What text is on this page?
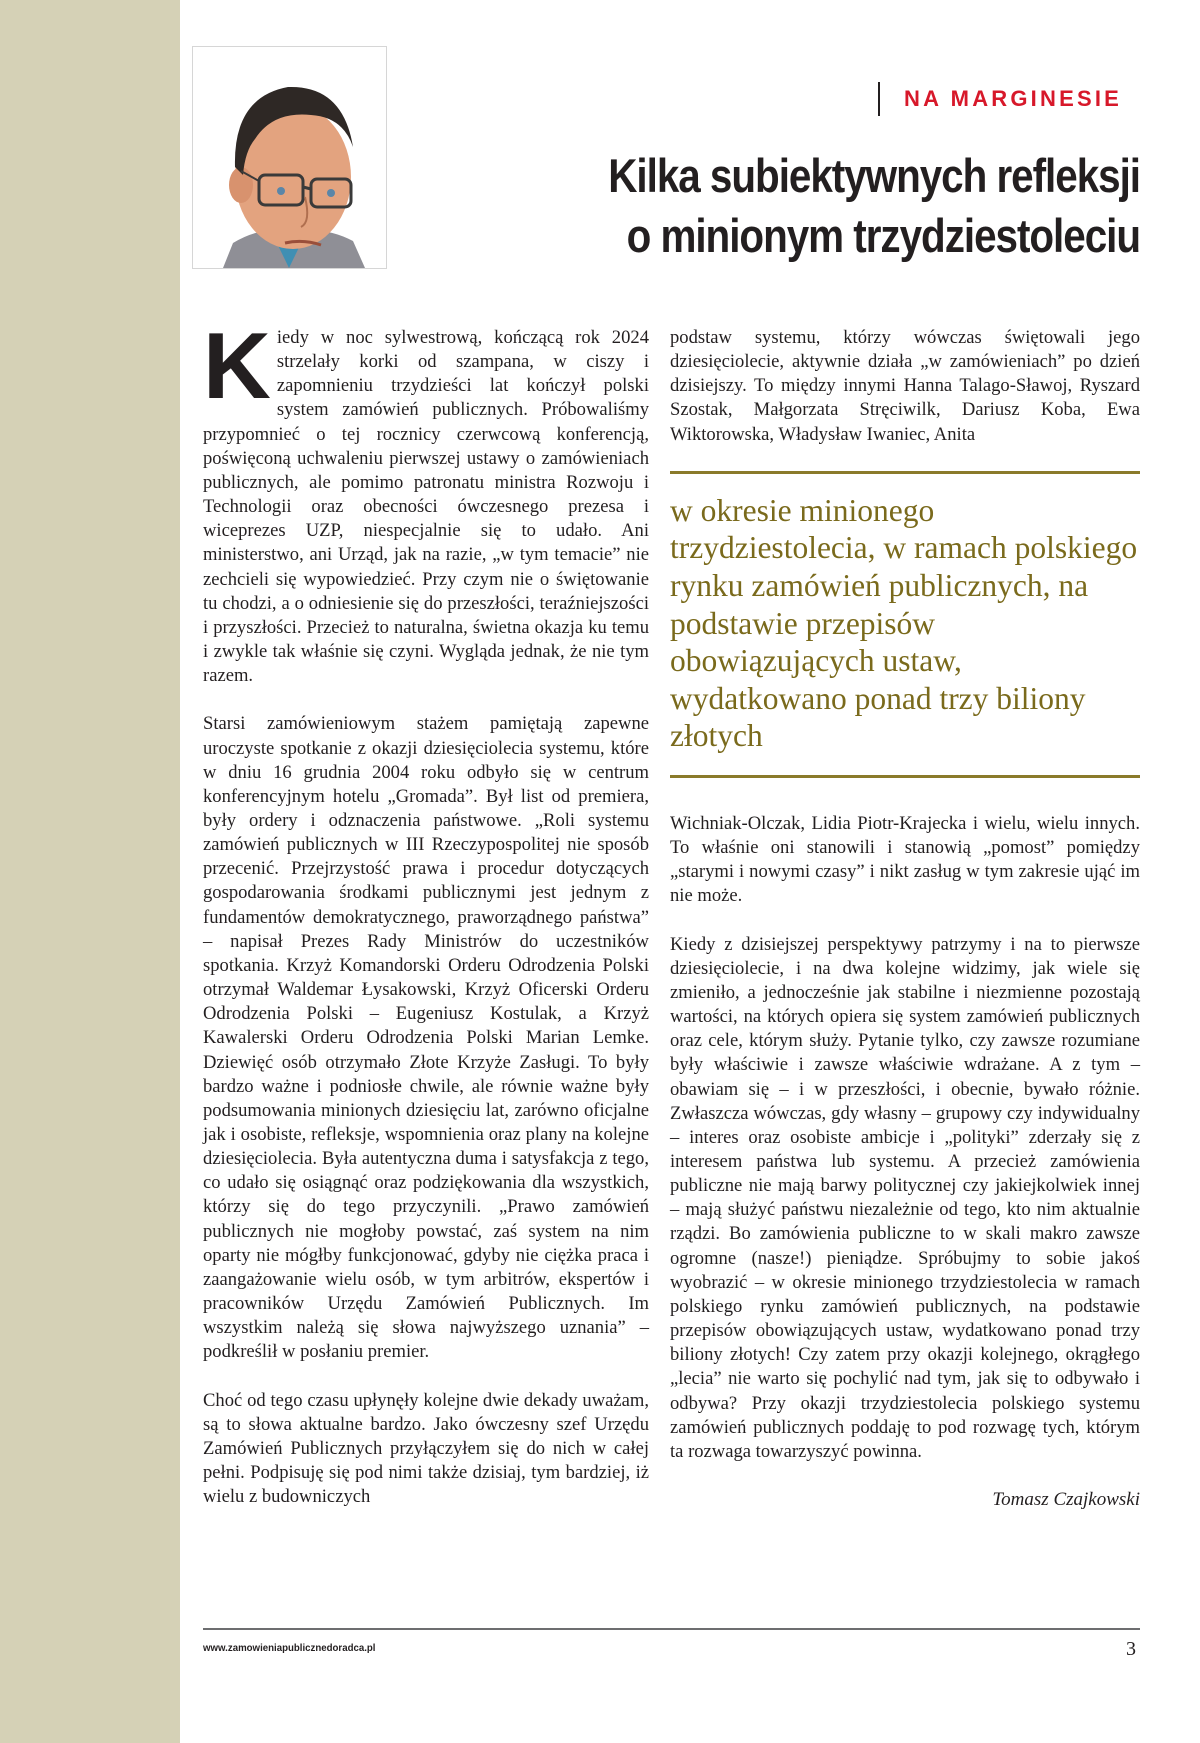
NA MARGINESIE
Kilka subiektywnych refleksji
o minionym trzydziestoleciu

Kiedy w noc sylwestrową, kończącą rok 2024 strzelały korki od szampana, w ciszy i zapomnieniu trzydzieści lat kończył polski system zamówień publicznych. Próbowaliśmy przypomnieć o tej rocznicy czerwcową konferencją, poświęconą uchwaleniu pierwszej ustawy o zamówieniach publicznych, ale pomimo patronatu ministra Rozwoju i Technologii oraz obecności ówczesnego prezesa i wiceprezes UZP, niespecjalnie się to udało. Ani ministerstwo, ani Urząd, jak na razie, „w tym temacie” nie zechcieli się wypowiedzieć. Przy czym nie o świętowanie tu chodzi, a o odniesienie się do przeszłości, teraźniejszości i przyszłości. Przecież to naturalna, świetna okazja ku temu i zwykle tak właśnie się czyni. Wygląda jednak, że nie tym razem.

Starsi zamówieniowym stażem pamiętają zapewne uroczyste spotkanie z okazji dziesięciolecia systemu, które w dniu 16 grudnia 2004 roku odbyło się w centrum konferencyjnym hotelu „Gromada”. Był list od premiera, były ordery i odznaczenia państwowe. „Roli systemu zamówień publicznych w III Rzeczypospolitej nie sposób przecenić. Przejrzystość prawa i procedur dotyczących gospodarowania środkami publicznymi jest jednym z fundamentów demokratycznego, praworządnego państwa” – napisał Prezes Rady Ministrów do uczestników spotkania. Krzyż Komandorski Orderu Odrodzenia Polski otrzymał Waldemar Łysakowski, Krzyż Oficerski Orderu Odrodzenia Polski – Eugeniusz Kostulak, a Krzyż Kawalerski Orderu Odrodzenia Polski Marian Lemke. Dziewięć osób otrzymało Złote Krzyże Zasługi. To były bardzo ważne i podniosłe chwile, ale równie ważne były podsumowania minionych dziesięciu lat, zarówno oficjalne jak i osobiste, refleksje, wspomnienia oraz plany na kolejne dziesięciolecia. Była autentyczna duma i satysfakcja z tego, co udało się osiągnąć oraz podziękowania dla wszystkich, którzy się do tego przyczynili. „Prawo zamówień publicznych nie mogłoby powstać, zaś system na nim oparty nie mógłby funkcjonować, gdyby nie ciężka praca i zaangażowanie wielu osób, w tym arbitrów, ekspertów i pracowników Urzędu Zamówień Publicznych. Im wszystkim należą się słowa najwyższego uznania” – podkreślił w posłaniu premier.

Choć od tego czasu upłynęły kolejne dwie dekady uważam, są to słowa aktualne bardzo. Jako ówczesny szef Urzędu Zamówień Publicznych przyłączyłem się do nich w całej pełni. Podpisuję się pod nimi także dzisiaj, tym bardziej, iż wielu z budowniczych

podstaw systemu, którzy wówczas świętowali jego dziesięciolecie, aktywnie działa „w zamówieniach” po dzień dzisiejszy. To między innymi Hanna Talago-Sławoj, Ryszard Szostak, Małgorzata Stręciwilk, Dariusz Koba, Ewa Wiktorowska, Władysław Iwaniec, Anita

w okresie minionego trzydziestolecia, w ramach polskiego rynku zamówień publicznych, na podstawie przepisów obowiązujących ustaw, wydatkowano ponad trzy biliony złotych

Wichniak-Olczak, Lidia Piotr-Krajecka i wielu, wielu innych. To właśnie oni stanowili i stanowią „pomost” pomiędzy „starymi i nowymi czasy” i nikt zasług w tym zakresie ująć im nie może.

Kiedy z dzisiejszej perspektywy patrzymy i na to pierwsze dziesięciolecie, i na dwa kolejne widzimy, jak wiele się zmieniło, a jednocześnie jak stabilne i niezmienne pozostają wartości, na których opiera się system zamówień publicznych oraz cele, którym służy. Pytanie tylko, czy zawsze rozumiane były właściwie i zawsze właściwie wdrażane. A z tym – obawiam się – i w przeszłości, i obecnie, bywało różnie. Zwłaszcza wówczas, gdy własny – grupowy czy indywidualny – interes oraz osobiste ambicje i „polityki” zderzały się z interesem państwa lub systemu. A przecież zamówienia publiczne nie mają barwy politycznej czy jakiejkolwiek innej – mają służyć państwu niezależnie od tego, kto nim aktualnie rządzi. Bo zamówienia publiczne to w skali makro zawsze ogromne (nasze!) pieniądze. Spróbujmy to sobie jakoś wyobrazić – w okresie minionego trzydziestolecia w ramach polskiego rynku zamówień publicznych, na podstawie przepisów obowiązujących ustaw, wydatkowano ponad trzy biliony złotych! Czy zatem przy okazji kolejnego, okrągłego „lecia” nie warto się pochylić nad tym, jak się to odbywało i odbywa? Przy okazji trzydziestolecia polskiego systemu zamówień publicznych poddaję to pod rozwagę tych, którym ta rozwaga towarzyszyć powinna.

Tomasz Czajkowski
www.zamowieniapublicznedoradca.pl	3
